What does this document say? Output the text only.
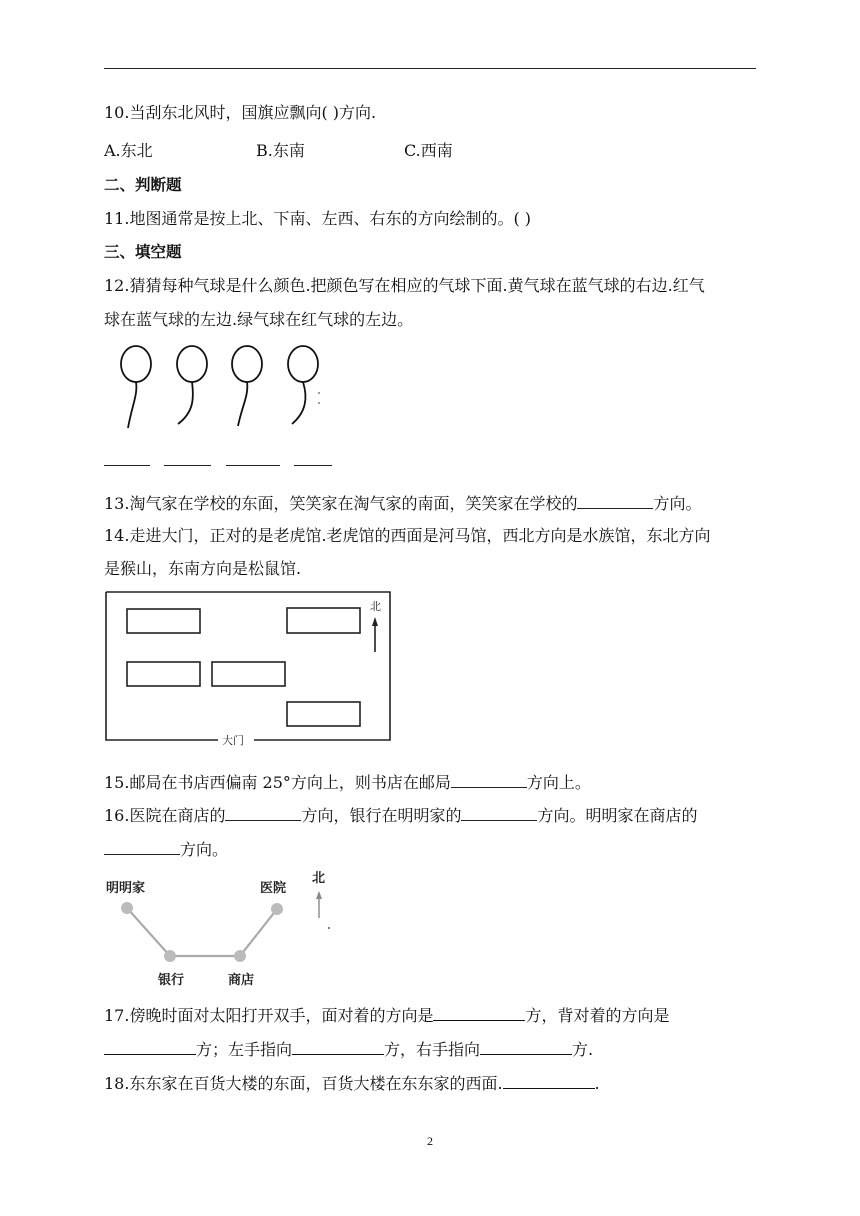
10.当刮东北风时，国旗应飘向( )方向.
A.东北	B.东南	C.西南
二、判断题
11.地图通常是按上北、下南、左西、右东的方向绘制的。( )
三、填空题
12.猜猜每种气球是什么颜色.把颜色写在相应的气球下面.黄气球在蓝气球的右边.红气
球在蓝气球的左边.绿气球在红气球的左边。
13.淘气家在学校的东面，笑笑家在淘气家的南面，笑笑家在学校的	方向。
14.走进大门，正对的是老虎馆.老虎馆的西面是河马馆，西北方向是水族馆，东北方向
是猴山，东南方向是松鼠馆.
北
大门
15.邮局在书店西偏南 25°方向上，则书店在邮局	方向上。
16.医院在商店的	方向，银行在明明家的	方向。明明家在商店的
方向。
明明家	医院
银行	商店
北
17.傍晚时面对太阳打开双手，面对着的方向是	方，背对着的方向是
方；左手指向	方，右手指向	方.
18.东东家在百货大楼的东面，百货大楼在东东家的西面.	.
2
